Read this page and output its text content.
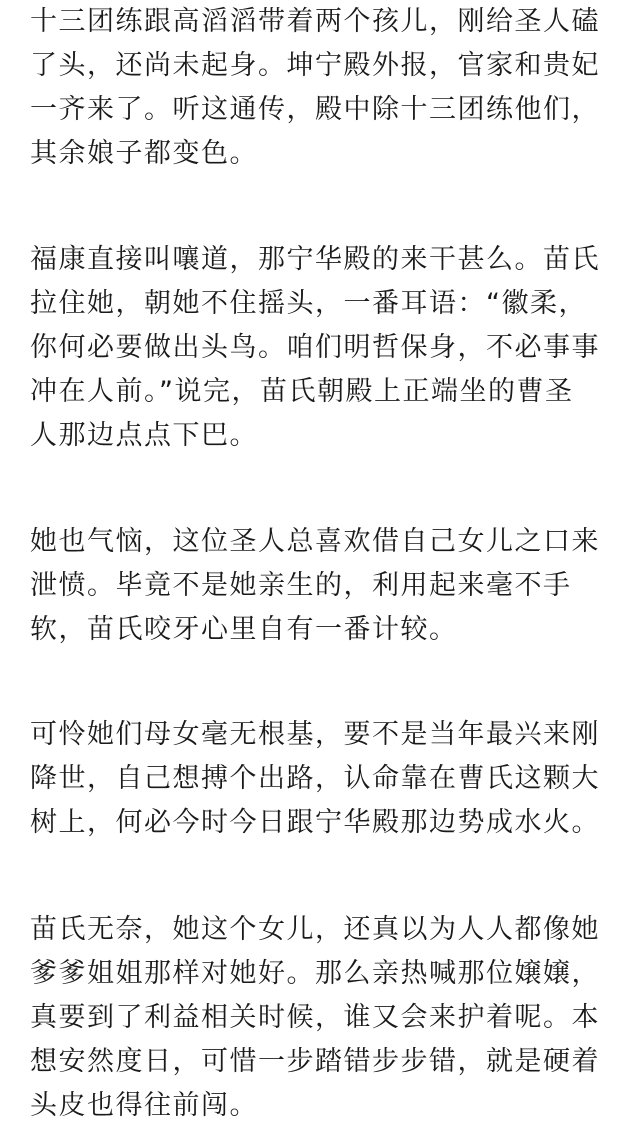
十三团练跟高滔滔带着两个孩儿，刚给圣人磕
了头，还尚未起身。坤宁殿外报，官家和贵妃
一齐来了。听这通传，殿中除十三团练他们，
其余娘子都变色。

福康直接叫嚷道，那宁华殿的来干甚么。苗氏
拉住她，朝她不住摇头，一番耳语：“徽柔，
你何必要做出头鸟。咱们明哲保身，不必事事
冲在人前。”说完，苗氏朝殿上正端坐的曹圣
人那边点点下巴。

她也气恼，这位圣人总喜欢借自己女儿之口来
泄愤。毕竟不是她亲生的，利用起来毫不手
软，苗氏咬牙心里自有一番计较。

可怜她们母女毫无根基，要不是当年最兴来刚
降世，自己想搏个出路，认命靠在曹氏这颗大
树上，何必今时今日跟宁华殿那边势成水火。

苗氏无奈，她这个女儿，还真以为人人都像她
爹爹姐姐那样对她好。那么亲热喊那位嬢嬢，
真要到了利益相关时候，谁又会来护着呢。本
想安然度日，可惜一步踏错步步错，就是硬着
头皮也得往前闯。
